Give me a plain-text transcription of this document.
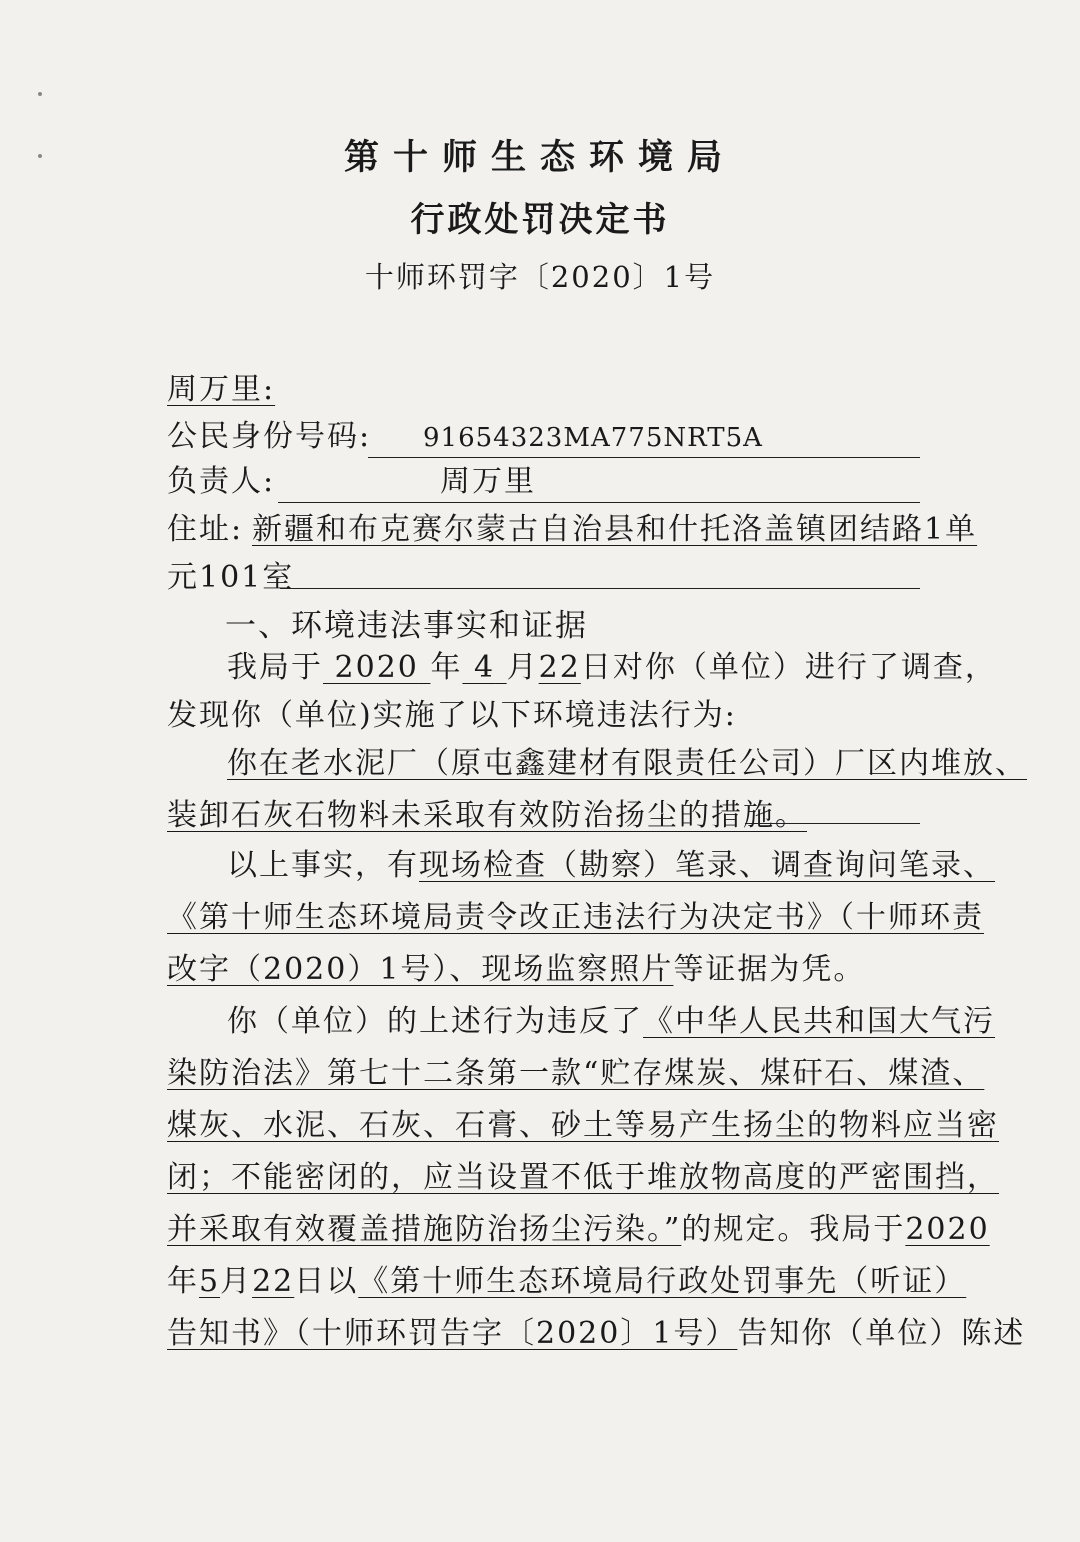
第十师生态环境局
行政处罚决定书
十师环罚字〔2020〕1号
周万里:
公民身份号码: 91654323MA775NRT5A
负责人:	周万里
住址: 新疆和布克赛尔蒙古自治县和什托洛盖镇团结路1单
元101室
一、环境违法事实和证据
我局于 2020 年 4 月22日对你（单位）进行了调查，
发现你（单位)实施了以下环境违法行为:
你在老水泥厂（原屯鑫建材有限责任公司）厂区内堆放、
装卸石灰石物料未采取有效防治扬尘的措施。
以上事实，有现场检查（勘察）笔录、调查询问笔录、
《第十师生态环境局责令改正违法行为决定书》（十师环责
改字（2020）1号）、现场监察照片等证据为凭。
你（单位）的上述行为违反了《中华人民共和国大气污
染防治法》第七十二条第一款“贮存煤炭、煤矸石、煤渣、
煤灰、水泥、石灰、石膏、砂土等易产生扬尘的物料应当密
闭；不能密闭的，应当设置不低于堆放物高度的严密围挡，
并采取有效覆盖措施防治扬尘污染。”的规定。我局于2020
年5月22日以《第十师生态环境局行政处罚事先（听证）
告知书》（十师环罚告字〔2020〕1号）告知你（单位）陈述
